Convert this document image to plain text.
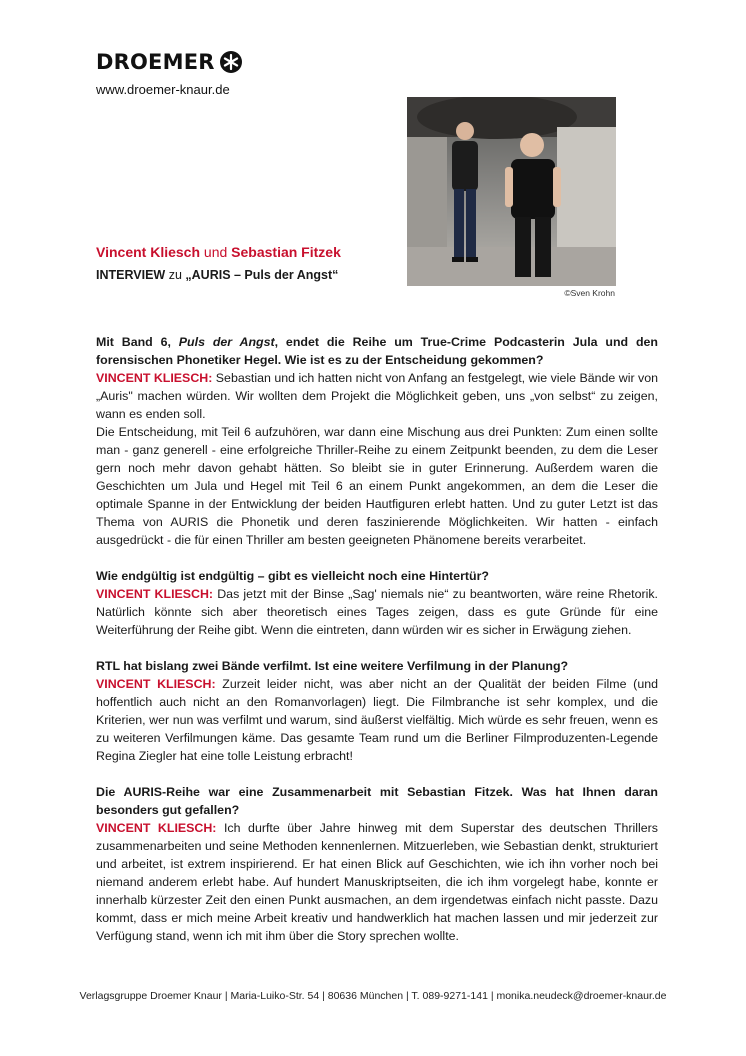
DROEMER
www.droemer-knaur.de
©Sven Krohn
Vincent Kliesch und Sebastian Fitzek
INTERVIEW zu „AURIS – Puls der Angst“

Mit Band 6, Puls der Angst, endet die Reihe um True-Crime Podcasterin Jula und den forensischen Phonetiker Hegel. Wie ist es zu der Entscheidung gekommen?

VINCENT KLIESCH: Sebastian und ich hatten nicht von Anfang an festgelegt, wie viele Bände wir von „Auris" machen würden. Wir wollten dem Projekt die Möglichkeit geben, uns „von selbst“ zu zeigen, wann es enden soll.

Die Entscheidung, mit Teil 6 aufzuhören, war dann eine Mischung aus drei Punkten: Zum einen sollte man - ganz generell - eine erfolgreiche Thriller-Reihe zu einem Zeitpunkt beenden, zu dem die Leser gern noch mehr davon gehabt hätten. So bleibt sie in guter Erinnerung. Außerdem waren die Geschichten um Jula und Hegel mit Teil 6 an einem Punkt angekommen, an dem die Leser die optimale Spanne in der Entwicklung der beiden Hautfiguren erlebt hatten. Und zu guter Letzt ist das Thema von AURIS die Phonetik und deren faszinierende Möglichkeiten. Wir hatten - einfach ausgedrückt - die für einen Thriller am besten geeigneten Phänomene bereits verarbeitet.

Wie endgültig ist endgültig – gibt es vielleicht noch eine Hintertür?

VINCENT KLIESCH: Das jetzt mit der Binse „Sag' niemals nie“ zu beantworten, wäre reine Rhetorik. Natürlich könnte sich aber theoretisch eines Tages zeigen, dass es gute Gründe für eine Weiterführung der Reihe gibt. Wenn die eintreten, dann würden wir es sicher in Erwägung ziehen.

RTL hat bislang zwei Bände verfilmt. Ist eine weitere Verfilmung in der Planung?

VINCENT KLIESCH: Zurzeit leider nicht, was aber nicht an der Qualität der beiden Filme (und hoffentlich auch nicht an den Romanvorlagen) liegt. Die Filmbranche ist sehr komplex, und die Kriterien, wer nun was verfilmt und warum, sind äußerst vielfältig. Mich würde es sehr freuen, wenn es zu weiteren Verfilmungen käme. Das gesamte Team rund um die Berliner Filmproduzenten-Legende Regina Ziegler hat eine tolle Leistung erbracht!

Die AURIS-Reihe war eine Zusammenarbeit mit Sebastian Fitzek. Was hat Ihnen daran besonders gut gefallen?

VINCENT KLIESCH: Ich durfte über Jahre hinweg mit dem Superstar des deutschen Thrillers zusammenarbeiten und seine Methoden kennenlernen. Mitzuerleben, wie Sebastian denkt, strukturiert und arbeitet, ist extrem inspirierend. Er hat einen Blick auf Geschichten, wie ich ihn vorher noch bei niemand anderem erlebt habe. Auf hundert Manuskriptseiten, die ich ihm vorgelegt habe, konnte er innerhalb kürzester Zeit den einen Punkt ausmachen, an dem irgendetwas einfach nicht passte. Dazu kommt, dass er mich meine Arbeit kreativ und handwerklich hat machen lassen und mir jederzeit zur Verfügung stand, wenn ich mit ihm über die Story sprechen wollte.

Verlagsgruppe Droemer Knaur | Maria-Luiko-Str. 54 | 80636 München | T. 089-9271-141 | monika.neudeck@droemer-knaur.de
